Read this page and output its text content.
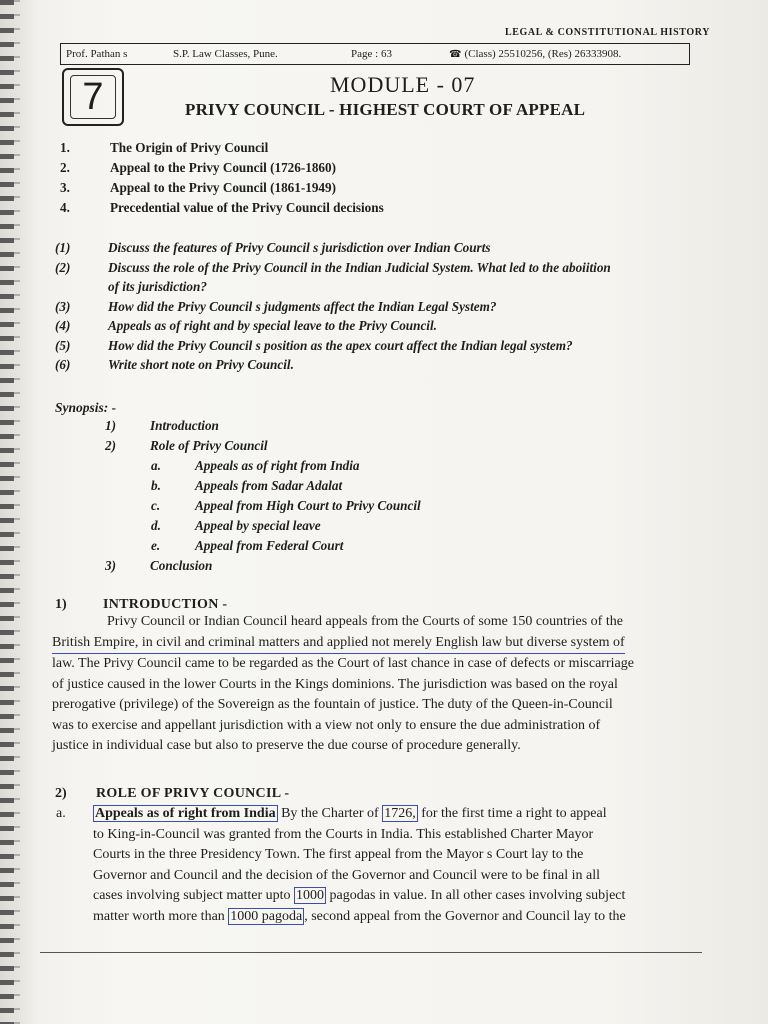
LEGAL & CONSTITUTIONAL HISTORY
Prof. Pathan s	S.P. Law Classes, Pune.	Page : 63	☎ (Class) 25510256, (Res) 26333908.
7	MODULE - 07
PRIVY COUNCIL - HIGHEST COURT OF APPEAL
1.	The Origin of Privy Council
2.	Appeal to the Privy Council (1726-1860)
3.	Appeal to the Privy Council (1861-1949)
4.	Precedential value of the Privy Council decisions
(1)	Discuss the features of Privy Council s jurisdiction over Indian Courts
(2)	Discuss the role of the Privy Council in the Indian Judicial System. What led to the aboiition
of its jurisdiction?
(3)	How did the Privy Council s judgments affect the Indian Legal System?
(4)	Appeals as of right and by special leave to the Privy Council.
(5)	How did the Privy Council s position as the apex court affect the Indian legal system?
(6)	Write short note on Privy Council.
Synopsis: -
1)	Introduction
2)	Role of Privy Council
a.	Appeals as of right from India
b.	Appeals from Sadar Adalat
c.	Appeal from High Court to Privy Council
d.	Appeal by special leave
e.	Appeal from Federal Court
3)	Conclusion
1)	INTRODUCTION -
Privy Council or Indian Council heard appeals from the Courts of some 150 countries of the
British Empire, in civil and criminal matters and applied not merely English law but diverse system of
law. The Privy Council came to be regarded as the Court of last chance in case of defects or miscarriage
of justice caused in the lower Courts in the Kings dominions. The jurisdiction was based on the royal
prerogative (privilege) of the Sovereign as the fountain of justice. The duty of the Queen-in-Council
was to exercise and appellant jurisdiction with a view not only to ensure the due administration of
justice in individual case but also to preserve the due course of procedure generally.
2) ROLE OF PRIVY COUNCIL -
a. Appeals as of right from India By the Charter of 1726, for the first time a right to appeal
to King-in-Council was granted from the Courts in India. This established Charter Mayor
Courts in the three Presidency Town. The first appeal from the Mayor s Court lay to the
Governor and Council and the decision of the Governor and Council were to be final in all
cases involving subject matter upto 1000 pagodas in value. In all other cases involving subject
matter worth more than 1000 pagoda , second appeal from the Governor and Council lay to the
